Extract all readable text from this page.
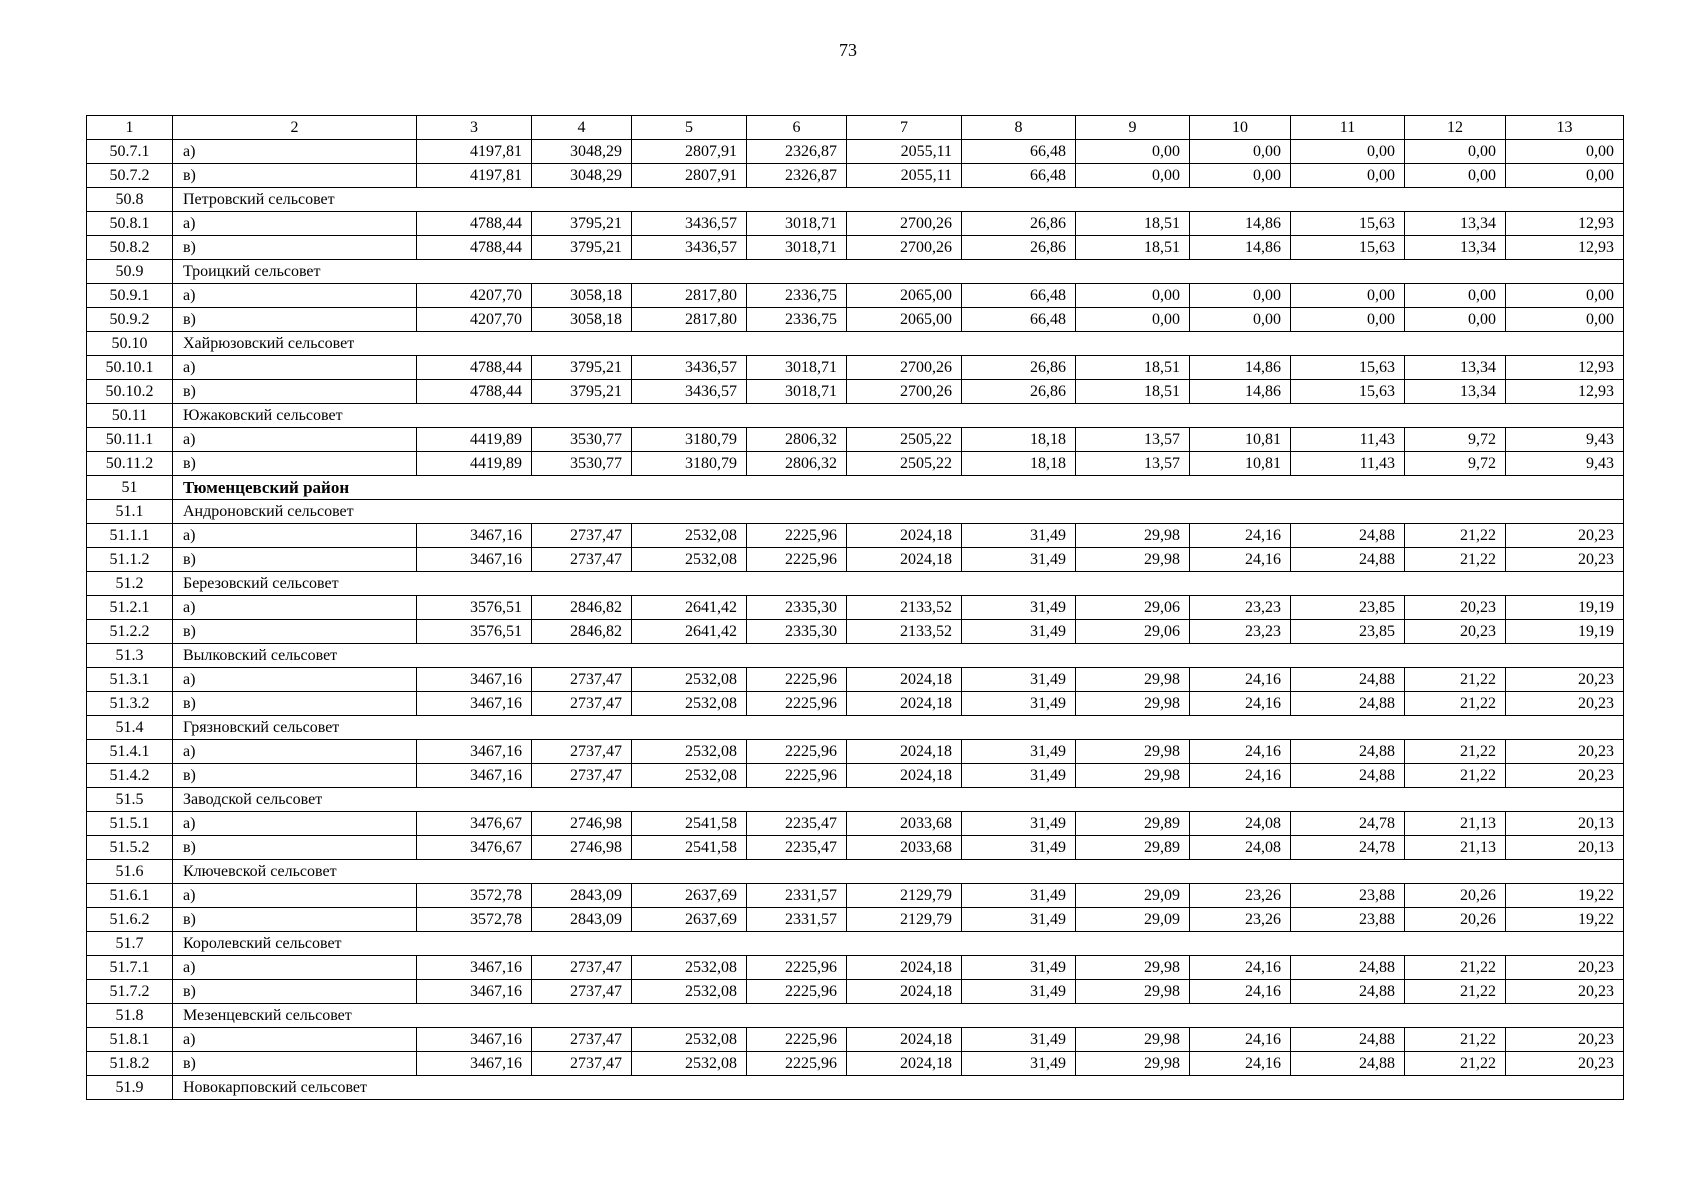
73
1	2	3	4	5	6	7	8	9	10	11	12	13
50.7.1	а)	4197,81	3048,29	2807,91	2326,87	2055,11	66,48	0,00	0,00	0,00	0,00	0,00
50.7.2	в)	4197,81	3048,29	2807,91	2326,87	2055,11	66,48	0,00	0,00	0,00	0,00	0,00
50.8	Петровский сельсовет											
50.8.1	а)	4788,44	3795,21	3436,57	3018,71	2700,26	26,86	18,51	14,86	15,63	13,34	12,93
50.8.2	в)	4788,44	3795,21	3436,57	3018,71	2700,26	26,86	18,51	14,86	15,63	13,34	12,93
50.9	Троицкий сельсовет											
50.9.1	а)	4207,70	3058,18	2817,80	2336,75	2065,00	66,48	0,00	0,00	0,00	0,00	0,00
50.9.2	в)	4207,70	3058,18	2817,80	2336,75	2065,00	66,48	0,00	0,00	0,00	0,00	0,00
50.10	Хайрюзовский сельсовет											
50.10.1	а)	4788,44	3795,21	3436,57	3018,71	2700,26	26,86	18,51	14,86	15,63	13,34	12,93
50.10.2	в)	4788,44	3795,21	3436,57	3018,71	2700,26	26,86	18,51	14,86	15,63	13,34	12,93
50.11	Южаковский сельсовет											
50.11.1	а)	4419,89	3530,77	3180,79	2806,32	2505,22	18,18	13,57	10,81	11,43	9,72	9,43
50.11.2	в)	4419,89	3530,77	3180,79	2806,32	2505,22	18,18	13,57	10,81	11,43	9,72	9,43
51	Тюменцевский район											
51.1	Андроновский сельсовет											
51.1.1	а)	3467,16	2737,47	2532,08	2225,96	2024,18	31,49	29,98	24,16	24,88	21,22	20,23
51.1.2	в)	3467,16	2737,47	2532,08	2225,96	2024,18	31,49	29,98	24,16	24,88	21,22	20,23
51.2	Березовский сельсовет											
51.2.1	а)	3576,51	2846,82	2641,42	2335,30	2133,52	31,49	29,06	23,23	23,85	20,23	19,19
51.2.2	в)	3576,51	2846,82	2641,42	2335,30	2133,52	31,49	29,06	23,23	23,85	20,23	19,19
51.3	Вылковский сельсовет											
51.3.1	а)	3467,16	2737,47	2532,08	2225,96	2024,18	31,49	29,98	24,16	24,88	21,22	20,23
51.3.2	в)	3467,16	2737,47	2532,08	2225,96	2024,18	31,49	29,98	24,16	24,88	21,22	20,23
51.4	Грязновский сельсовет											
51.4.1	а)	3467,16	2737,47	2532,08	2225,96	2024,18	31,49	29,98	24,16	24,88	21,22	20,23
51.4.2	в)	3467,16	2737,47	2532,08	2225,96	2024,18	31,49	29,98	24,16	24,88	21,22	20,23
51.5	Заводской сельсовет											
51.5.1	а)	3476,67	2746,98	2541,58	2235,47	2033,68	31,49	29,89	24,08	24,78	21,13	20,13
51.5.2	в)	3476,67	2746,98	2541,58	2235,47	2033,68	31,49	29,89	24,08	24,78	21,13	20,13
51.6	Ключевской сельсовет											
51.6.1	а)	3572,78	2843,09	2637,69	2331,57	2129,79	31,49	29,09	23,26	23,88	20,26	19,22
51.6.2	в)	3572,78	2843,09	2637,69	2331,57	2129,79	31,49	29,09	23,26	23,88	20,26	19,22
51.7	Королевский сельсовет											
51.7.1	а)	3467,16	2737,47	2532,08	2225,96	2024,18	31,49	29,98	24,16	24,88	21,22	20,23
51.7.2	в)	3467,16	2737,47	2532,08	2225,96	2024,18	31,49	29,98	24,16	24,88	21,22	20,23
51.8	Мезенцевский сельсовет											
51.8.1	а)	3467,16	2737,47	2532,08	2225,96	2024,18	31,49	29,98	24,16	24,88	21,22	20,23
51.8.2	в)	3467,16	2737,47	2532,08	2225,96	2024,18	31,49	29,98	24,16	24,88	21,22	20,23
51.9	Новокарповский сельсовет											
